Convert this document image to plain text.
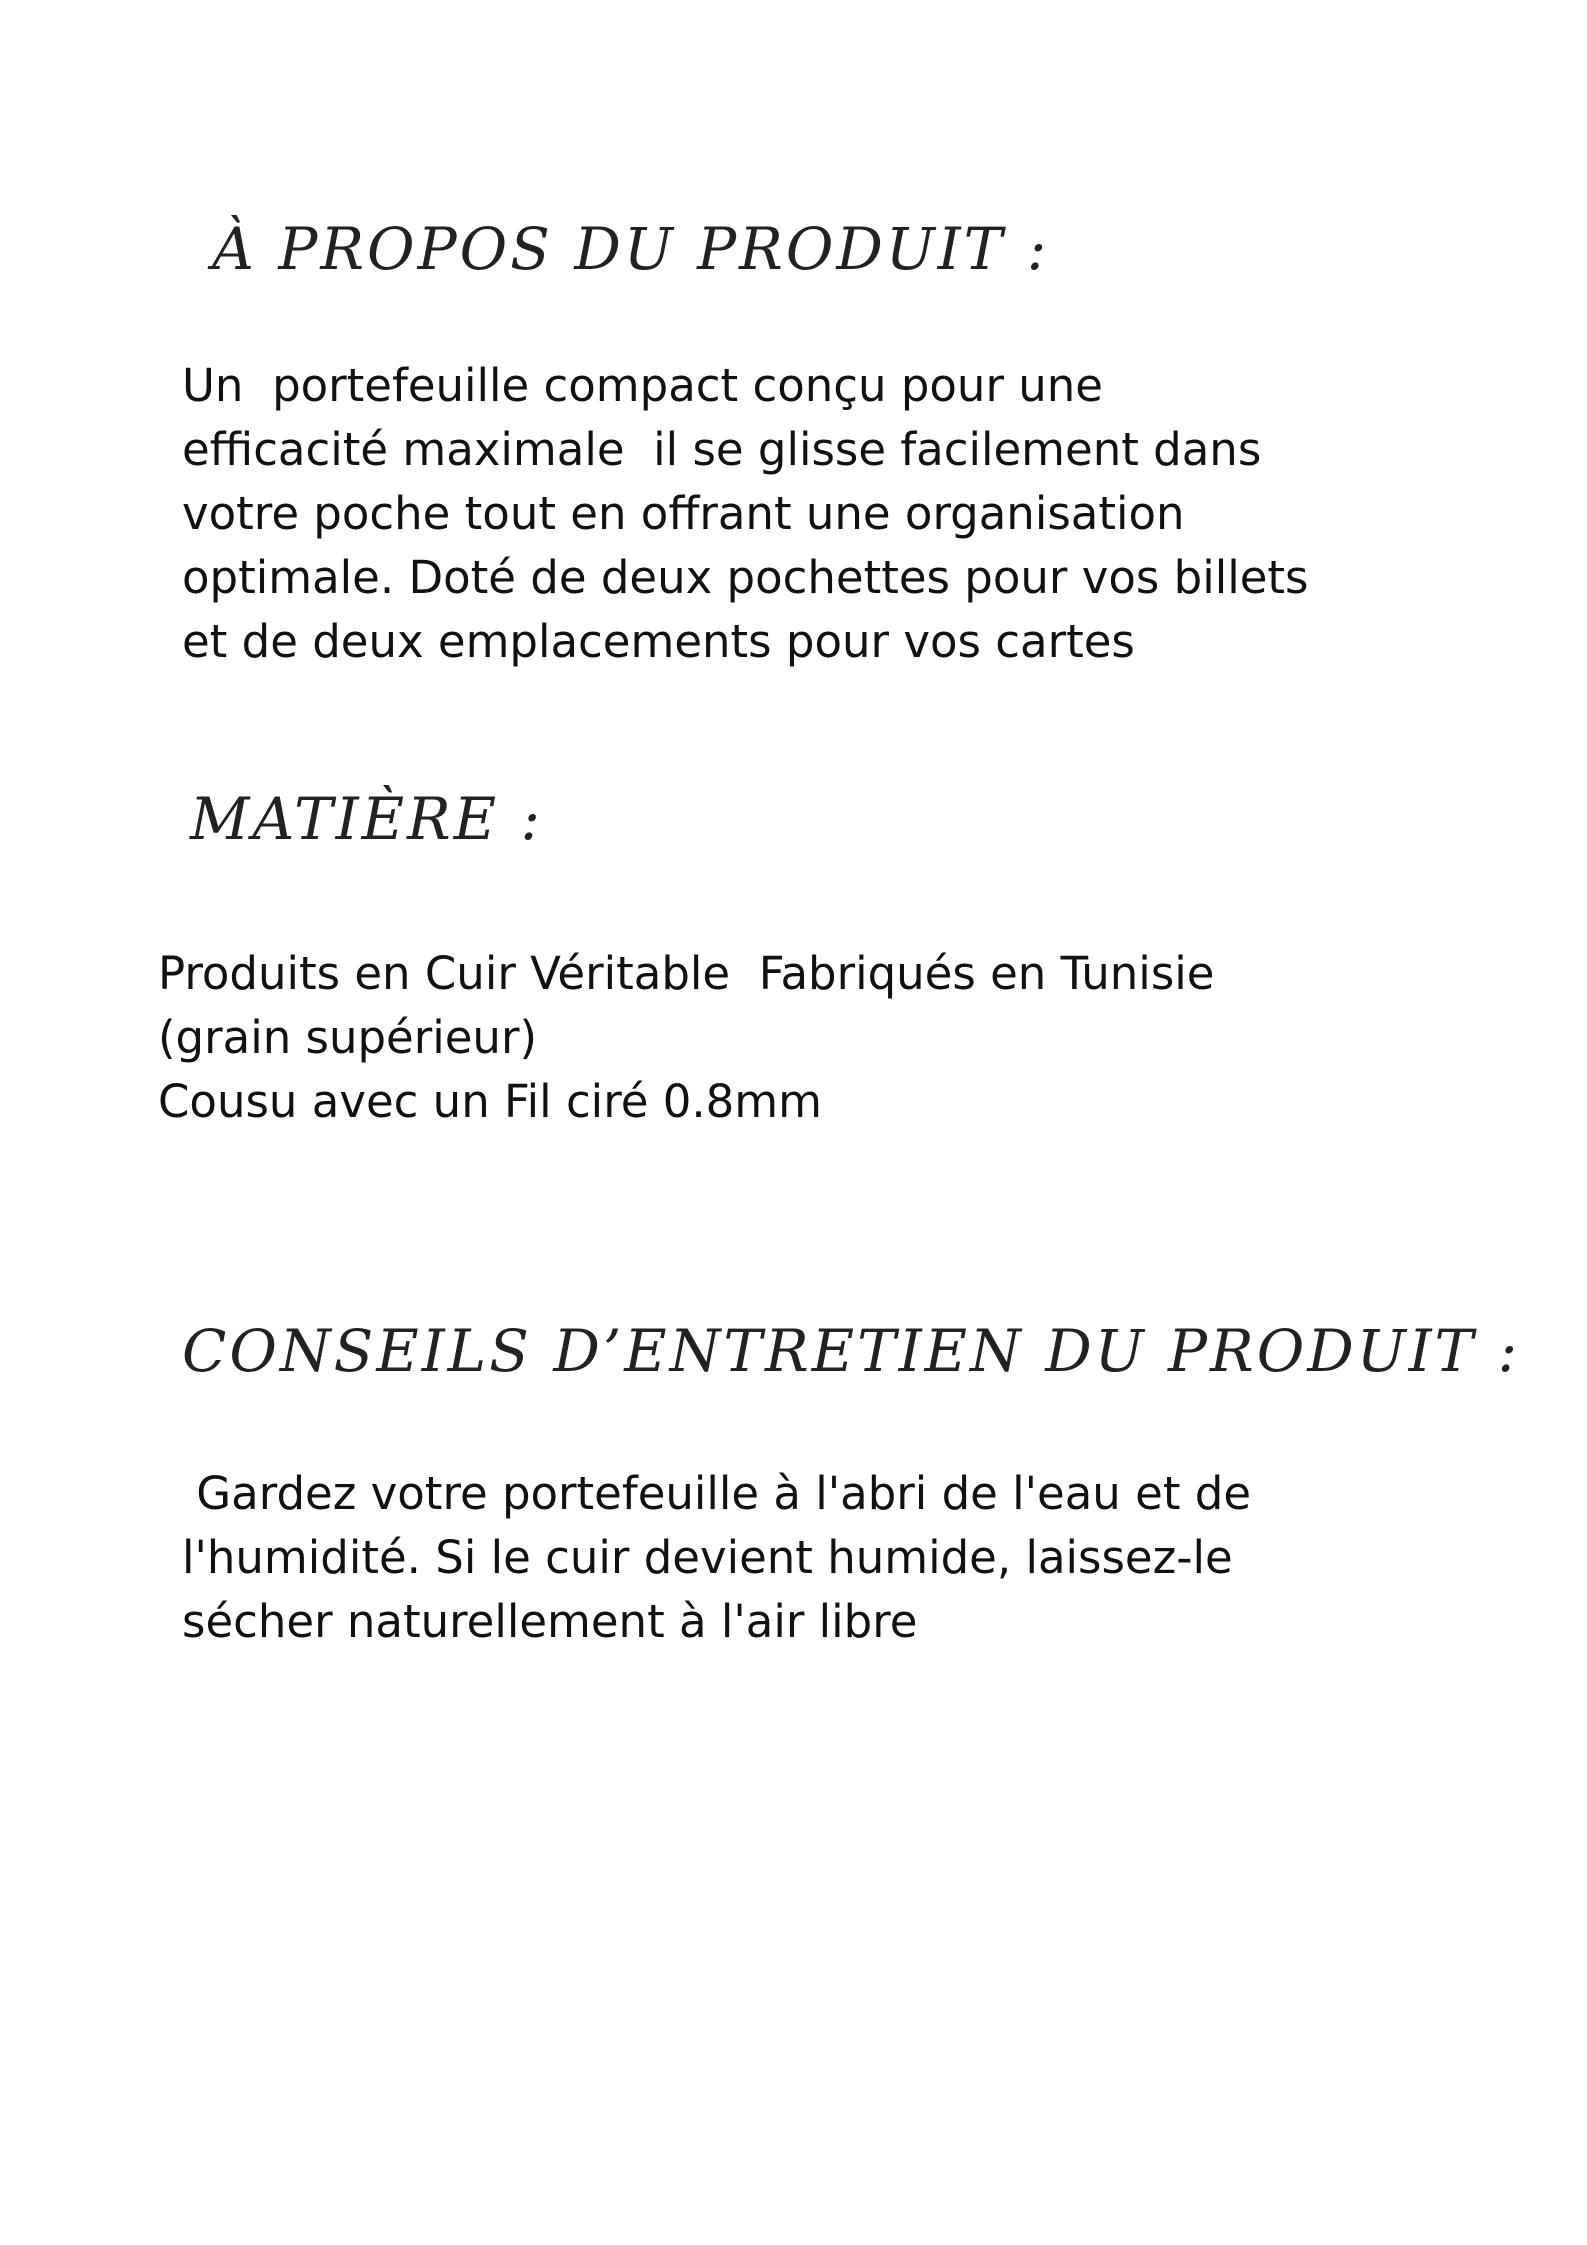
À PROPOS DU PRODUIT :

Un  portefeuille compact conçu pour une
efficacité maximale  il se glisse facilement dans
votre poche tout en offrant une organisation
optimale. Doté de deux pochettes pour vos billets
et de deux emplacements pour vos cartes

MATIÈRE :

Produits en Cuir Véritable  Fabriqués en Tunisie
(grain supérieur)
Cousu avec un Fil ciré 0.8mm

CONSEILS D’ENTRETIEN DU PRODUIT :

Gardez votre portefeuille à l'abri de l'eau et de
l'humidité. Si le cuir devient humide, laissez-le
sécher naturellement à l'air libre
